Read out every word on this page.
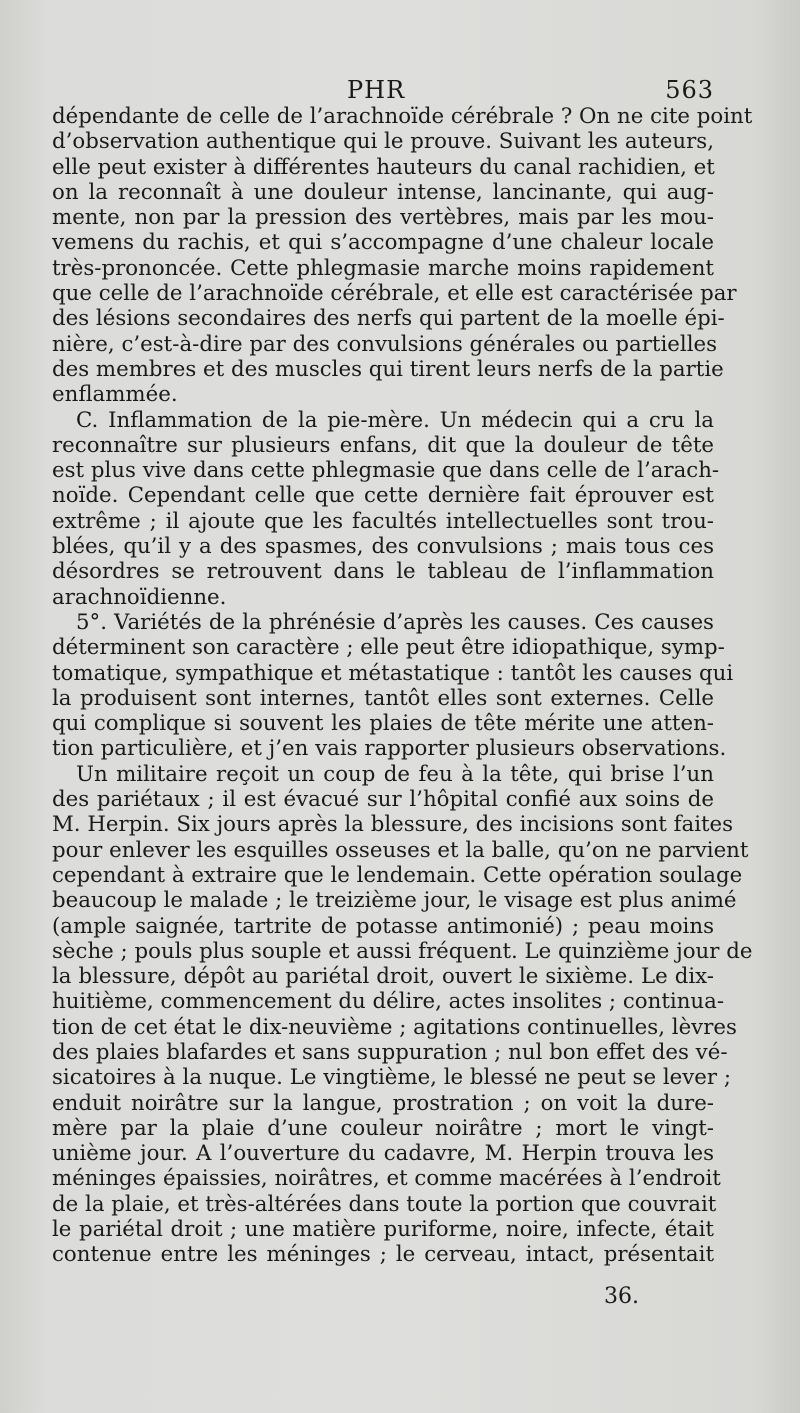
PHR	563
dépendante de celle de l’arachnoïde cérébrale ? On ne cite point
d’observation authentique qui le prouve. Suivant les auteurs,
elle peut exister à différentes hauteurs du canal rachidien, et
on la reconnaît à une douleur intense, lancinante, qui aug-
mente, non par la pression des vertèbres, mais par les mou-
vemens du rachis, et qui s’accompagne d’une chaleur locale
très-prononcée. Cette phlegmasie marche moins rapidement
que celle de l’arachnoïde cérébrale, et elle est caractérisée par
des lésions secondaires des nerfs qui partent de la moelle épi-
nière, c’est-à-dire par des convulsions générales ou partielles
des membres et des muscles qui tirent leurs nerfs de la partie
enflammée.
C. Inflammation de la pie-mère. Un médecin qui a cru la
reconnaître sur plusieurs enfans, dit que la douleur de tête
est plus vive dans cette phlegmasie que dans celle de l’arach-
noïde. Cependant celle que cette dernière fait éprouver est
extrême ; il ajoute que les facultés intellectuelles sont trou-
blées, qu’il y a des spasmes, des convulsions ; mais tous ces
désordres se retrouvent dans le tableau de l’inflammation
arachnoïdienne.
5°. Variétés de la phrénésie d’après les causes. Ces causes
déterminent son caractère ; elle peut être idiopathique, symp-
tomatique, sympathique et métastatique : tantôt les causes qui
la produisent sont internes, tantôt elles sont externes. Celle
qui complique si souvent les plaies de tête mérite une atten-
tion particulière, et j’en vais rapporter plusieurs observations.
Un militaire reçoit un coup de feu à la tête, qui brise l’un
des pariétaux ; il est évacué sur l’hôpital confié aux soins de
M. Herpin. Six jours après la blessure, des incisions sont faites
pour enlever les esquilles osseuses et la balle, qu’on ne parvient
cependant à extraire que le lendemain. Cette opération soulage
beaucoup le malade ; le treizième jour, le visage est plus animé
(ample saignée, tartrite de potasse antimonié) ; peau moins
sèche ; pouls plus souple et aussi fréquent. Le quinzième jour de
la blessure, dépôt au pariétal droit, ouvert le sixième. Le dix-
huitième, commencement du délire, actes insolites ; continua-
tion de cet état le dix-neuvième ; agitations continuelles, lèvres
des plaies blafardes et sans suppuration ; nul bon effet des vé-
sicatoires à la nuque. Le vingtième, le blessé ne peut se lever ;
enduit noirâtre sur la langue, prostration ; on voit la dure-
mère par la plaie d’une couleur noirâtre ; mort le vingt-
unième jour. A l’ouverture du cadavre, M. Herpin trouva les
méninges épaissies, noirâtres, et comme macérées à l’endroit
de la plaie, et très-altérées dans toute la portion que couvrait
le pariétal droit ; une matière puriforme, noire, infecte, était
contenue entre les méninges ; le cerveau, intact, présentait
36.
